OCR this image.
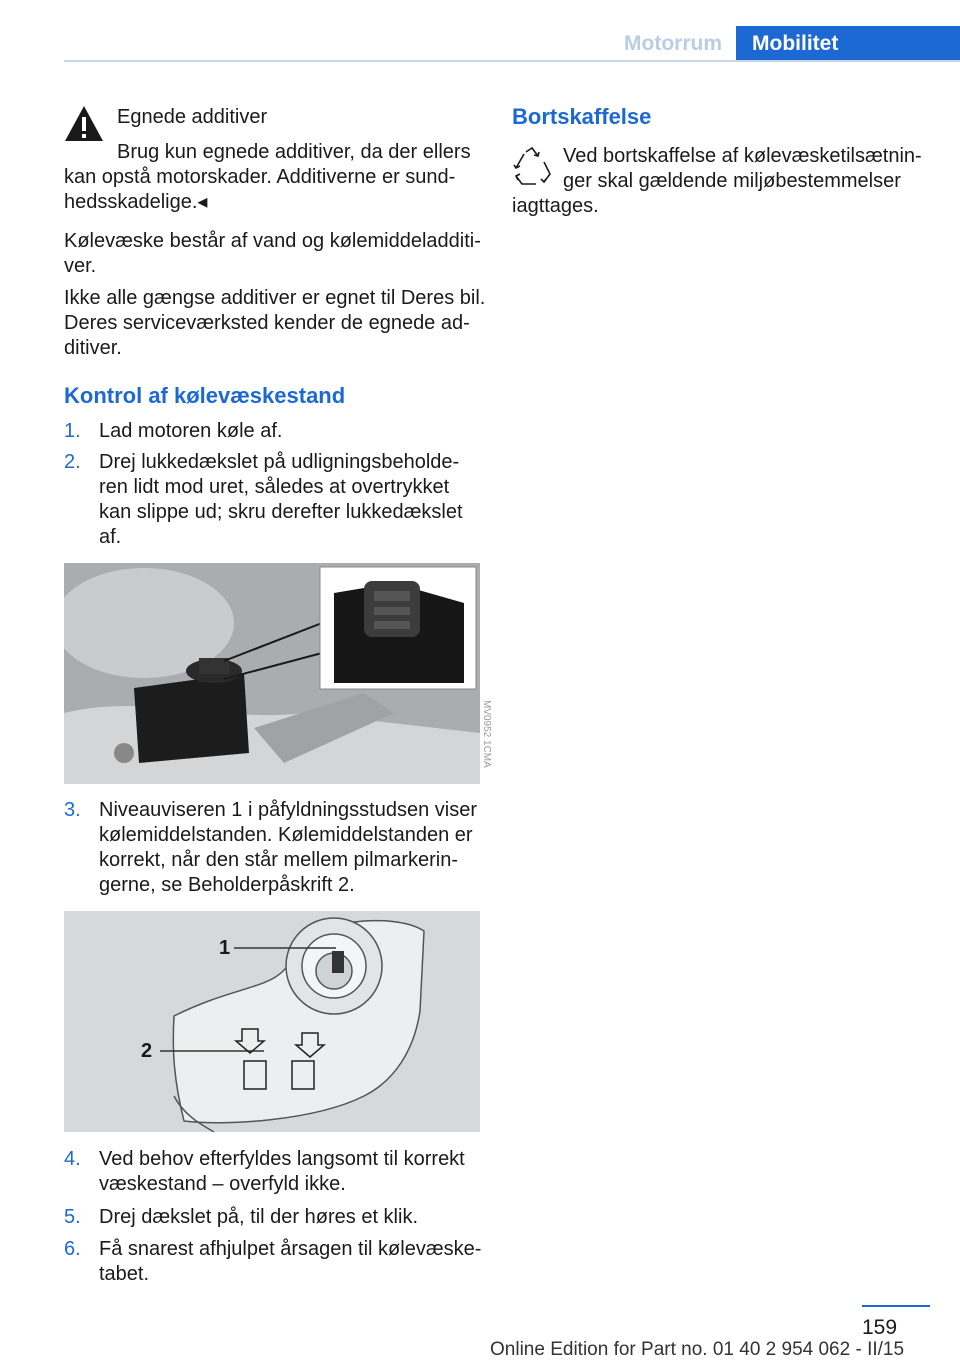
Motorrum	Mobilitet
Egnede additiver
Brug kun egnede additiver, da der ellers
kan opstå motorskader. Additiverne er sund-
hedsskadelige.◂
Kølevæske består af vand og kølemiddeladditi-
ver.
Ikke alle gængse additiver er egnet til Deres bil.
Deres serviceværksted kender de egnede ad-
ditiver.
Kontrol af kølevæskestand
1. Lad motoren køle af.
2. Drej lukkedækslet på udligningsbeholde-
ren lidt mod uret, således at overtrykket
kan slippe ud; skru derefter lukkedækslet
af.
MV0952 1CMA
3. Niveauviseren 1 i påfyldningsstudsen viser
kølemiddelstanden. Kølemiddelstanden er
korrekt, når den står mellem pilmarkerin-
gerne, se Beholderpåskrift 2.
1
2
4. Ved behov efterfyldes langsomt til korrekt
væskestand – overfyld ikke.
5. Drej dækslet på, til der høres et klik.
6. Få snarest afhjulpet årsagen til kølevæske-
tabet.
Bortskaffelse
Ved bortskaffelse af kølevæsketilsætnin-
ger skal gældende miljøbestemmelser
iagttages.
159
Online Edition for Part no. 01 40 2 954 062 - II/15
